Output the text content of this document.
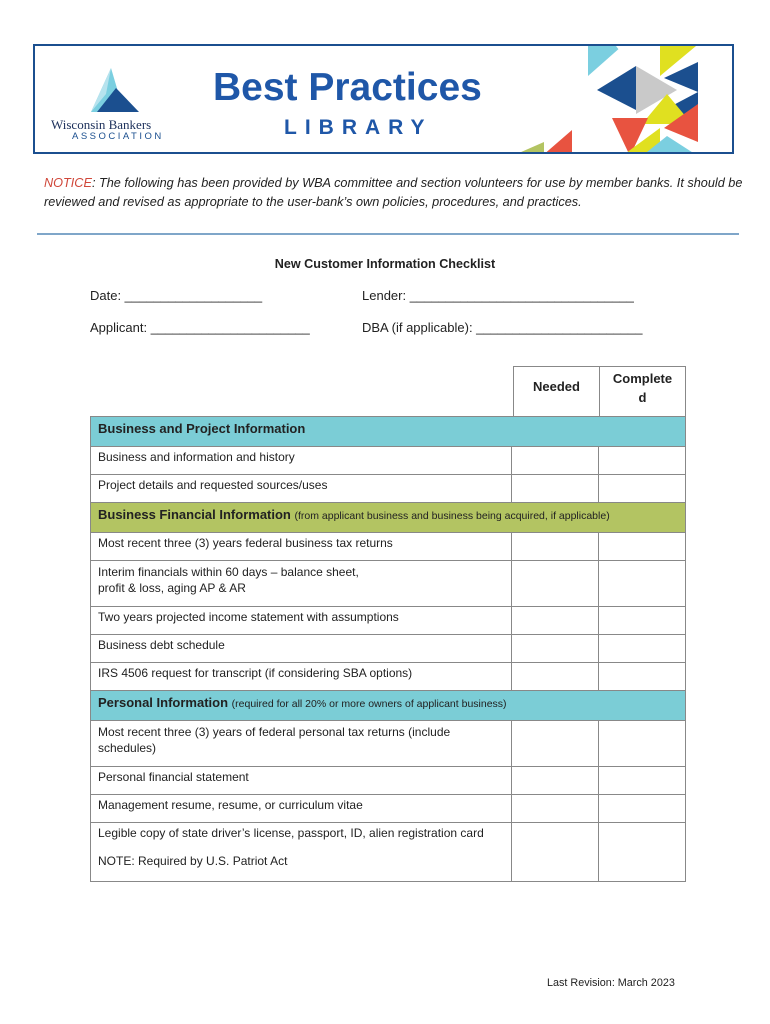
Wisconsin Bankers
ASSOCIATION
Best Practices
LIBRARY
NOTICE: The following has been provided by WBA committee and section volunteers for use by member banks. It should be reviewed and revised as appropriate to the user-bank’s own policies, procedures, and practices.
New Customer Information Checklist
Date: ___________________	Lender: _______________________________
Applicant: ______________________	DBA (if applicable): _______________________
Needed
Complete
d
Business and Project Information		
Business and information and history		
Project details and requested sources/uses		
Business Financial Information (from applicant business and business being acquired, if applicable)		
Most recent three (3) years federal business tax returns		
Interim financials within 60 days – balance sheet, profit & loss, aging AP & AR		
Two years projected income statement with assumptions		
Business debt schedule		
IRS 4506 request for transcript (if considering SBA options)		
Personal Information (required for all 20% or more owners of applicant business)		
Most recent three (3) years of federal personal tax returns (include schedules)		
Personal financial statement		
Management resume, resume, or curriculum vitae		

Legible copy of state driver’s license, passport, ID, alien registration card
NOTE: Required by U.S. Patriot Act		

Last Revision: March 2023
